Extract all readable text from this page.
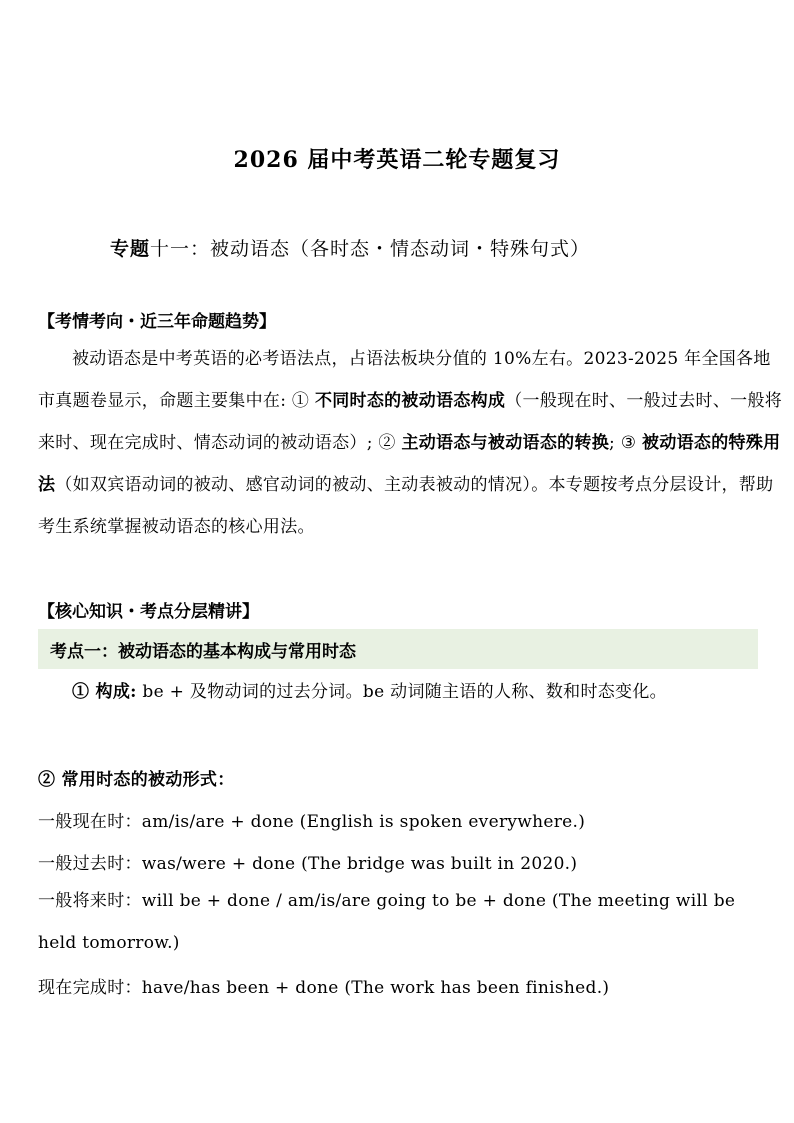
2026 届中考英语二轮专题复习
专题十一：被动语态（各时态・情态动词・特殊句式）
【考情考向・近三年命题趋势】
被动语态是中考英语的必考语法点，占语法板块分值的 10%左右。2023-2025 年全国各地市真题卷显示，命题主要集中在: ① 不同时态的被动语态构成（一般现在时、一般过去时、一般将来时、现在完成时、情态动词的被动语态）; ② 主动语态与被动语态的转换; ③ 被动语态的特殊用法（如双宾语动词的被动、感官动词的被动、主动表被动的情况）。本专题按考点分层设计，帮助考生系统掌握被动语态的核心用法。
【核心知识・考点分层精讲】
考点一：被动语态的基本构成与常用时态
① 构成: be + 及物动词的过去分词。be 动词随主语的人称、数和时态变化。
② 常用时态的被动形式：
一般现在时：am/is/are + done (English is spoken everywhere.)
一般过去时：was/were + done (The bridge was built in 2020.)
一般将来时：will be + done / am/is/are going to be + done (The meeting will be held tomorrow.)
现在完成时：have/has been + done (The work has been finished.)
